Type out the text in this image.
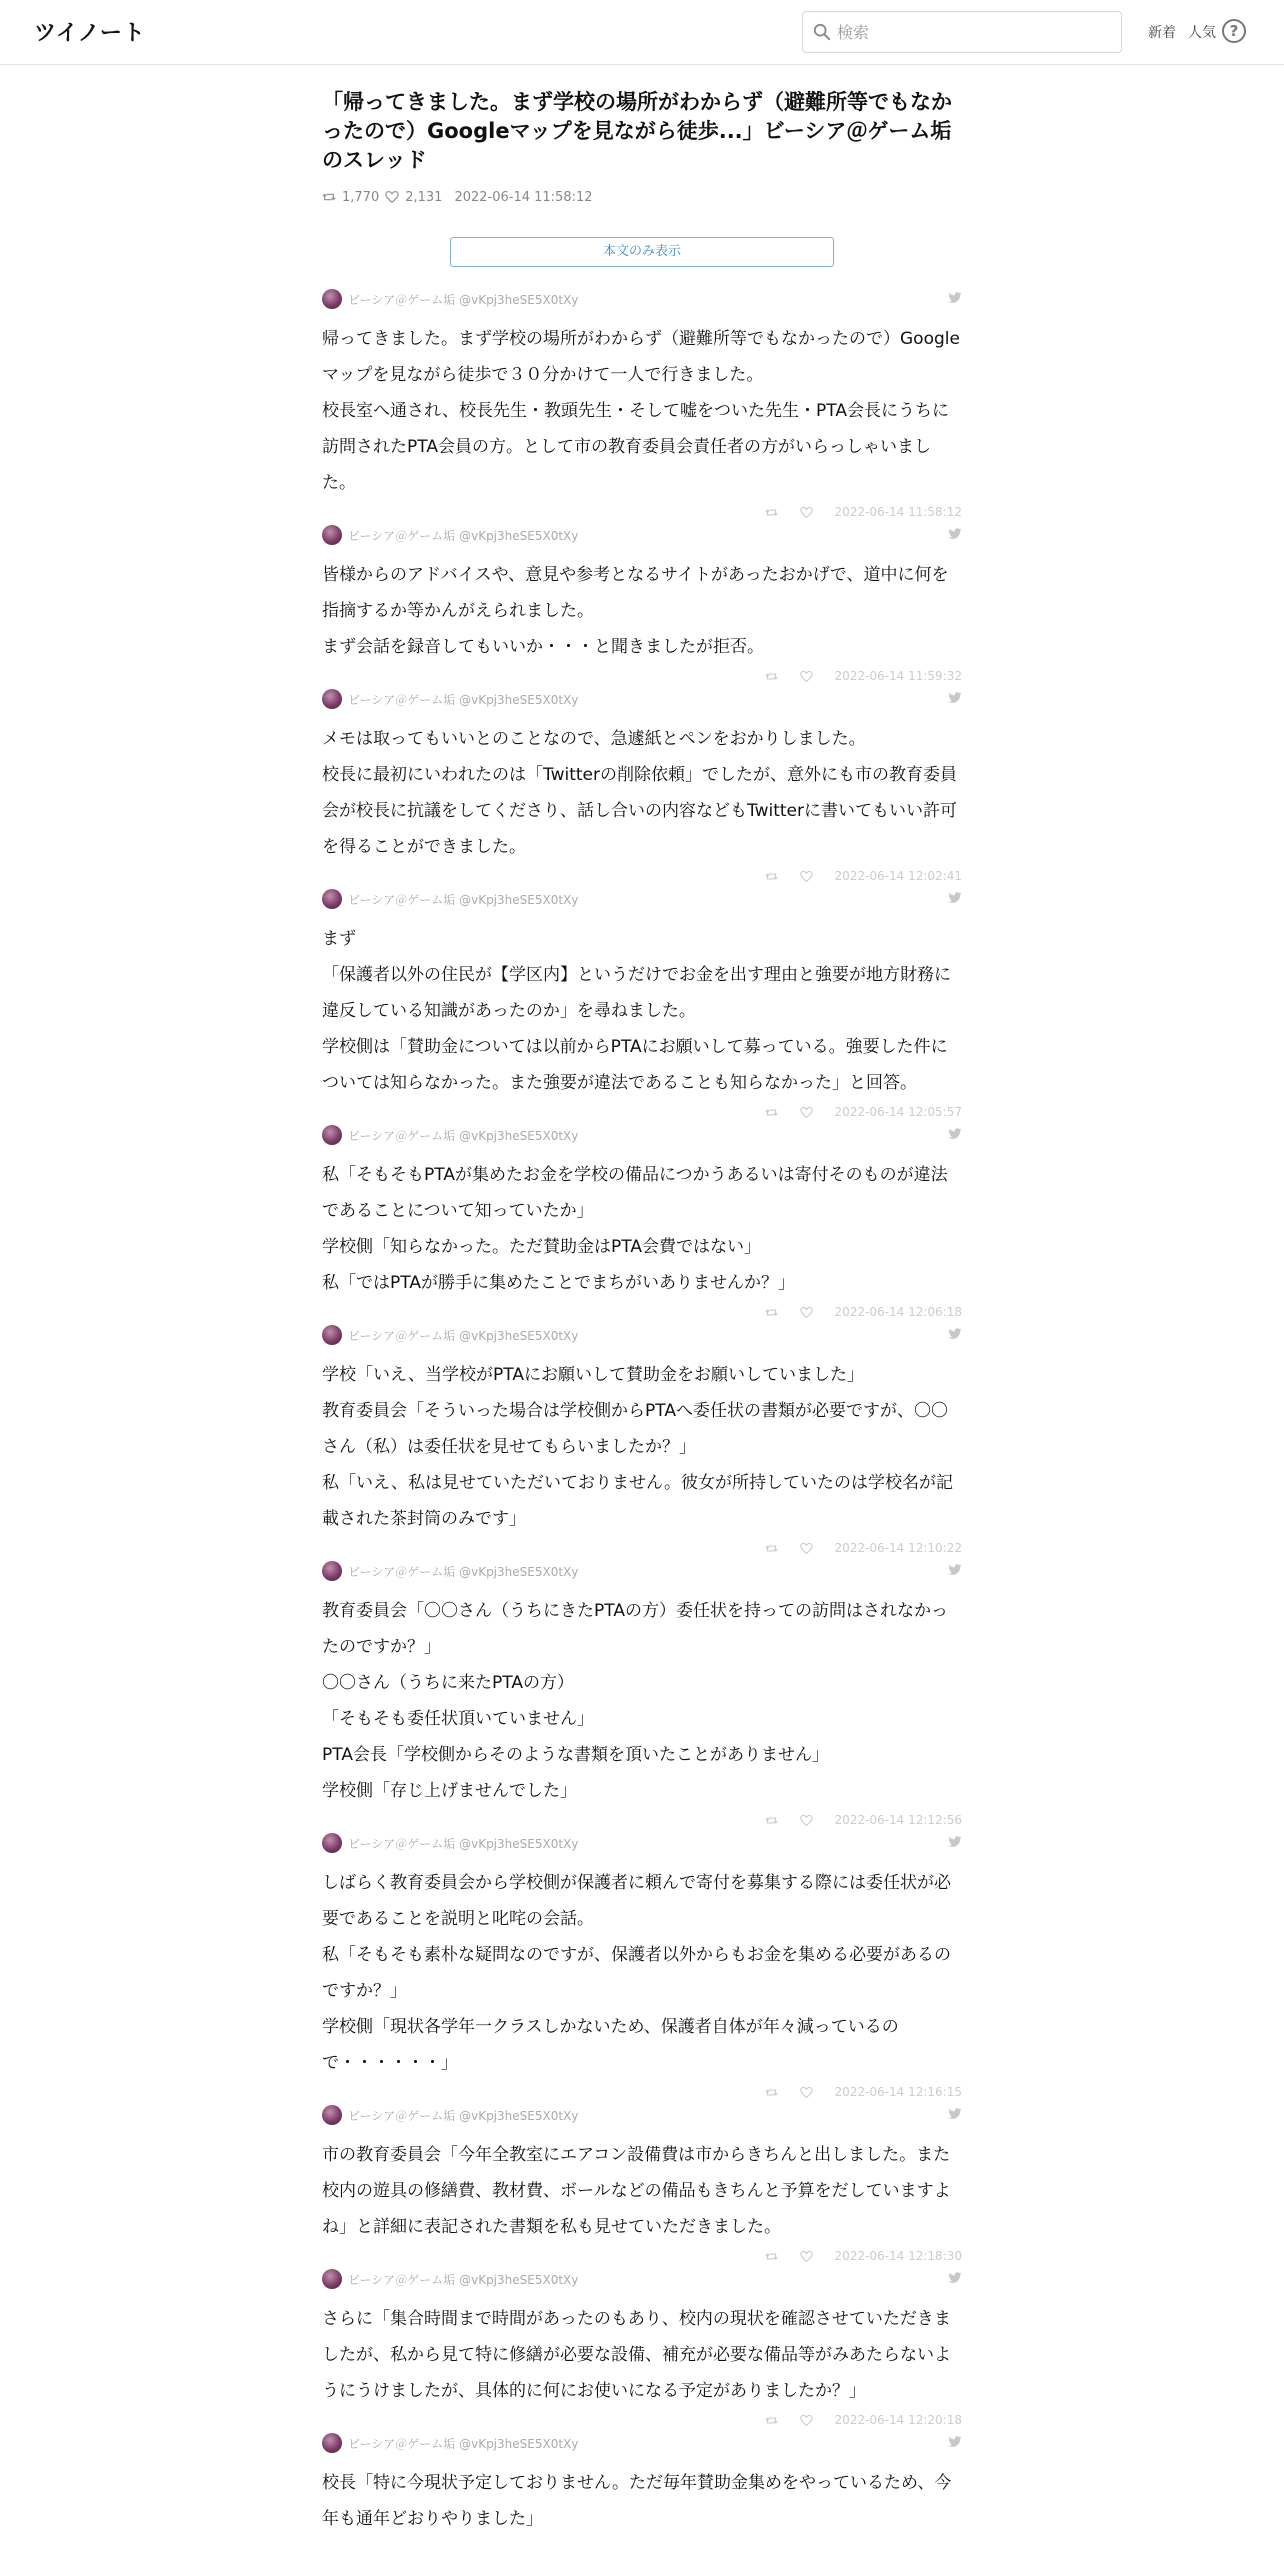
ツイノート
検索	新着 人気 ?
「帰ってきました。まず学校の場所がわからず（避難所等でもなかったので）Googleマップを見ながら徒歩...」ビーシア＠ゲーム垢のスレッド
1,770 2,131 2022-06-14 11:58:12
本文のみ表示
ビーシア＠ゲーム垢 @vKpj3heSE5X0tXy

帰ってきました。まず学校の場所がわからず（避難所等でもなかったので）Googleマップを見ながら徒歩で３０分かけて一人で行きました。

校長室へ通され、校長先生・教頭先生・そして嘘をついた先生・PTA会長にうちに訪問されたPTA会員の方。として市の教育委員会責任者の方がいらっしゃいました。

2022-06-14 11:58:12
ビーシア＠ゲーム垢 @vKpj3heSE5X0tXy

皆様からのアドバイスや、意見や参考となるサイトがあったおかげで、道中に何を指摘するか等かんがえられました。

まず会話を録音してもいいか・・・と聞きましたが拒否。

2022-06-14 11:59:32
ビーシア＠ゲーム垢 @vKpj3heSE5X0tXy

メモは取ってもいいとのことなので、急遽紙とペンをおかりしました。

校長に最初にいわれたのは「Twitterの削除依頼」でしたが、意外にも市の教育委員会が校長に抗議をしてくださり、話し合いの内容などもTwitterに書いてもいい許可を得ることができました。

2022-06-14 12:02:41
ビーシア＠ゲーム垢 @vKpj3heSE5X0tXy

まず

「保護者以外の住民が【学区内】というだけでお金を出す理由と強要が地方財務に違反している知識があったのか」を尋ねました。

学校側は「賛助金については以前からPTAにお願いして募っている。強要した件については知らなかった。また強要が違法であることも知らなかった」と回答。

2022-06-14 12:05:57
ビーシア＠ゲーム垢 @vKpj3heSE5X0tXy

私「そもそもPTAが集めたお金を学校の備品につかうあるいは寄付そのものが違法であることについて知っていたか」

学校側「知らなかった。ただ賛助金はPTA会費ではない」

私「ではPTAが勝手に集めたことでまちがいありませんか？」

2022-06-14 12:06:18
ビーシア＠ゲーム垢 @vKpj3heSE5X0tXy

学校「いえ、当学校がPTAにお願いして賛助金をお願いしていました」

教育委員会「そういった場合は学校側からPTAへ委任状の書類が必要ですが、〇〇さん（私）は委任状を見せてもらいましたか？」

私「いえ、私は見せていただいておりません。彼女が所持していたのは学校名が記載された茶封筒のみです」

2022-06-14 12:10:22
ビーシア＠ゲーム垢 @vKpj3heSE5X0tXy

教育委員会「〇〇さん（うちにきたPTAの方）委任状を持っての訪問はされなかったのですか？」

〇〇さん（うちに来たPTAの方）

「そもそも委任状頂いていません」

PTA会長「学校側からそのような書類を頂いたことがありません」

学校側「存じ上げませんでした」

2022-06-14 12:12:56
ビーシア＠ゲーム垢 @vKpj3heSE5X0tXy

しばらく教育委員会から学校側が保護者に頼んで寄付を募集する際には委任状が必要であることを説明と叱咤の会話。

私「そもそも素朴な疑問なのですが、保護者以外からもお金を集める必要があるのですか？」

学校側「現状各学年一クラスしかないため、保護者自体が年々減っているので・・・・・・」

2022-06-14 12:16:15
ビーシア＠ゲーム垢 @vKpj3heSE5X0tXy

市の教育委員会「今年全教室にエアコン設備費は市からきちんと出しました。また校内の遊具の修繕費、教材費、ボールなどの備品もきちんと予算をだしていますよね」と詳細に表記された書類を私も見せていただきました。

2022-06-14 12:18:30
ビーシア＠ゲーム垢 @vKpj3heSE5X0tXy

さらに「集合時間まで時間があったのもあり、校内の現状を確認させていただきましたが、私から見て特に修繕が必要な設備、補充が必要な備品等がみあたらないようにうけましたが、具体的に何にお使いになる予定がありましたか？」

2022-06-14 12:20:18
ビーシア＠ゲーム垢 @vKpj3heSE5X0tXy

校長「特に今現状予定しておりません。ただ毎年賛助金集めをやっているため、今年も通年どおりやりました」
